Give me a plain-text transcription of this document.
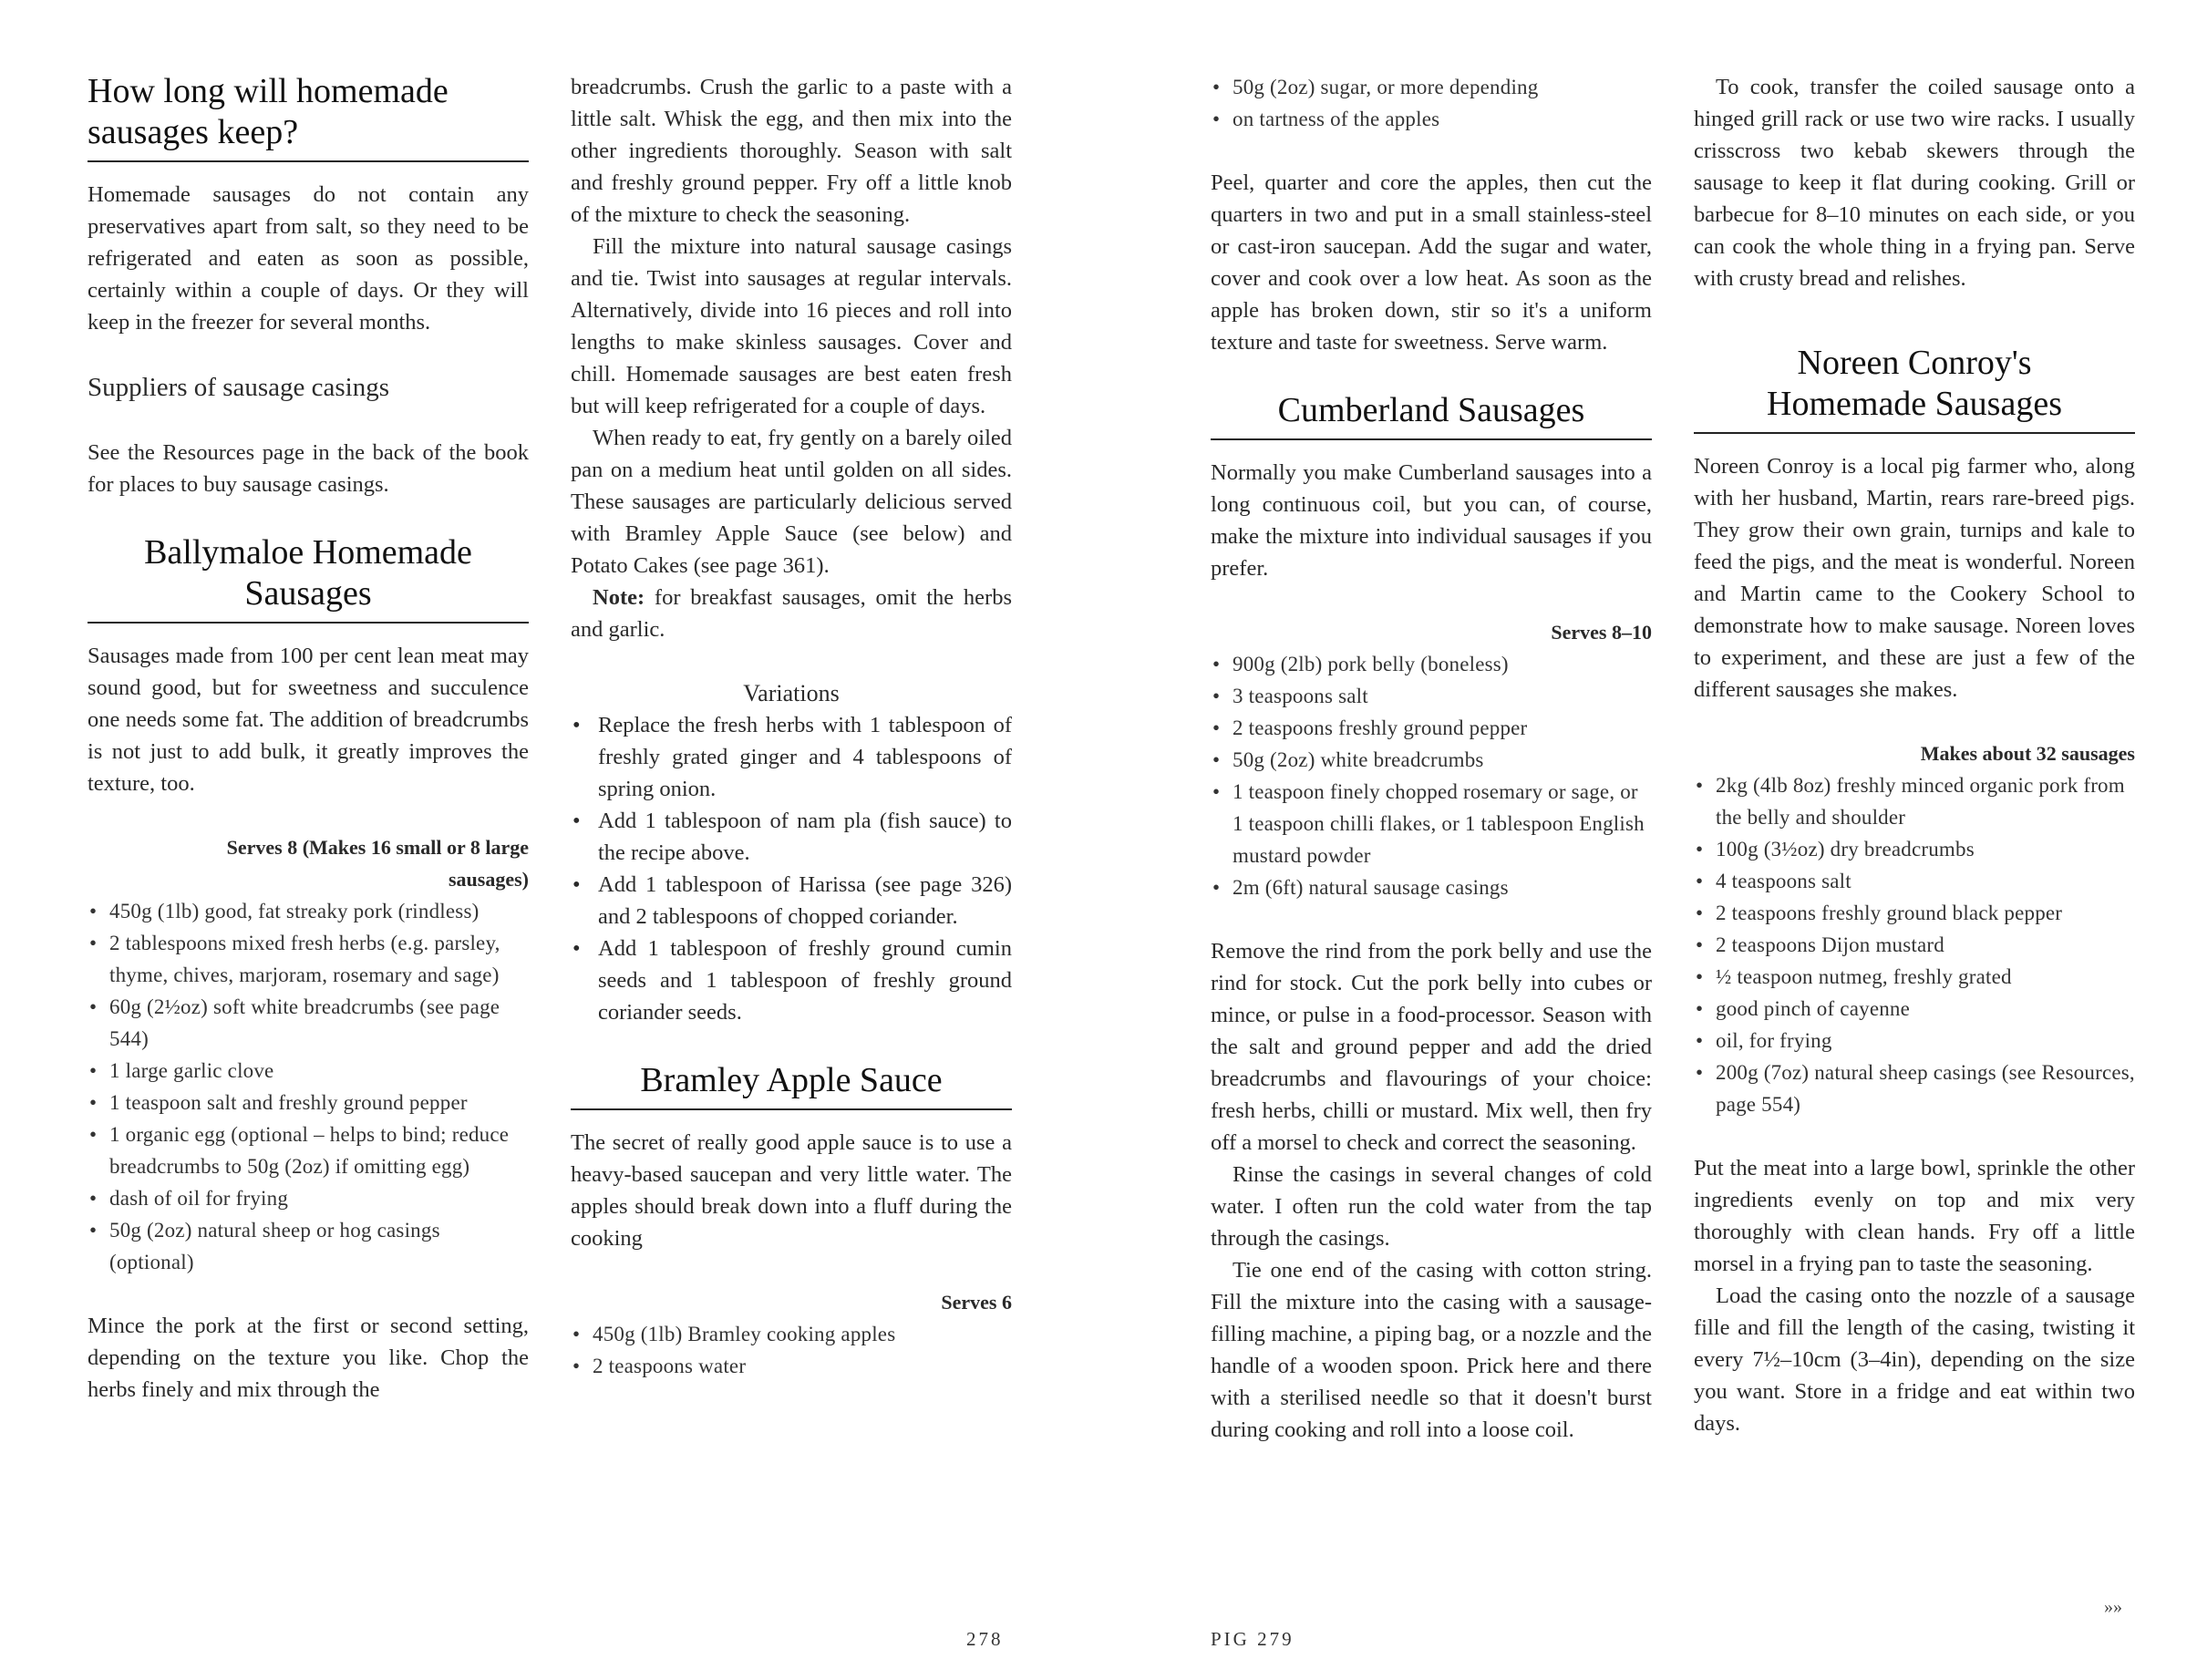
How long will homemade sausages keep?

Homemade sausages do not contain any preservatives apart from salt, so they need to be refrigerated and eaten as soon as possible, certainly within a couple of days. Or they will keep in the freezer for several months.

Suppliers of sausage casings

See the Resources page in the back of the book for places to buy sausage casings.

Ballymaloe Homemade Sausages

Sausages made from 100 per cent lean meat may sound good, but for sweetness and succulence one needs some fat. The addition of breadcrumbs is not just to add bulk, it greatly improves the texture, too.

Serves 8 (Makes 16 small or 8 large sausages)
• 450g (1lb) good, fat streaky pork (rindless)
• 2 tablespoons mixed fresh herbs (e.g. parsley, thyme, chives, marjoram, rosemary and sage)
• 60g (2½oz) soft white breadcrumbs (see page 544)
• 1 large garlic clove
• 1 teaspoon salt and freshly ground pepper
• 1 organic egg (optional – helps to bind; reduce breadcrumbs to 50g (2oz) if omitting egg)
• dash of oil for frying
• 50g (2oz) natural sheep or hog casings (optional)

Mince the pork at the first or second setting, depending on the texture you like. Chop the herbs finely and mix through the

breadcrumbs. Crush the garlic to a paste with a little salt. Whisk the egg, and then mix into the other ingredients thoroughly. Season with salt and freshly ground pepper. Fry off a little knob of the mixture to check the seasoning.

Fill the mixture into natural sausage casings and tie. Twist into sausages at regular intervals. Alternatively, divide into 16 pieces and roll into lengths to make skinless sausages. Cover and chill. Homemade sausages are best eaten fresh but will keep refrigerated for a couple of days.

When ready to eat, fry gently on a barely oiled pan on a medium heat until golden on all sides. These sausages are particularly delicious served with Bramley Apple Sauce (see below) and Potato Cakes (see page 361).

Note: for breakfast sausages, omit the herbs and garlic.

Variations
• Replace the fresh herbs with 1 tablespoon of freshly grated ginger and 4 tablespoons of spring onion.
• Add 1 tablespoon of nam pla (fish sauce) to the recipe above.
• Add 1 tablespoon of Harissa (see page 326) and 2 tablespoons of chopped coriander.
• Add 1 tablespoon of freshly ground cumin seeds and 1 tablespoon of freshly ground coriander seeds.
Bramley Apple Sauce

The secret of really good apple sauce is to use a heavy-based saucepan and very little water. The apples should break down into a fluff during the cooking

Serves 6
• 450g (1lb) Bramley cooking apples
• 2 teaspoons water
• 50g (2oz) sugar, or more depending
• on tartness of the apples

Peel, quarter and core the apples, then cut the quarters in two and put in a small stainless-steel or cast-iron saucepan. Add the sugar and water, cover and cook over a low heat. As soon as the apple has broken down, stir so it's a uniform texture and taste for sweetness. Serve warm.

Cumberland Sausages

Normally you make Cumberland sausages into a long continuous coil, but you can, of course, make the mixture into individual sausages if you prefer.

Serves 8–10
• 900g (2lb) pork belly (boneless)
• 3 teaspoons salt
• 2 teaspoons freshly ground pepper
• 50g (2oz) white breadcrumbs
• 1 teaspoon finely chopped rosemary or sage, or 1 teaspoon chilli flakes, or 1 tablespoon English mustard powder
• 2m (6ft) natural sausage casings

Remove the rind from the pork belly and use the rind for stock. Cut the pork belly into cubes or mince, or pulse in a food-processor. Season with the salt and ground pepper and add the dried breadcrumbs and flavourings of your choice: fresh herbs, chilli or mustard. Mix well, then fry off a morsel to check and correct the seasoning.

Rinse the casings in several changes of cold water. I often run the cold water from the tap through the casings.

Tie one end of the casing with cotton string. Fill the mixture into the casing with a sausage-filling machine, a piping bag, or a nozzle and the handle of a wooden spoon. Prick here and there with a sterilised needle so that it doesn't burst during cooking and roll into a loose coil.

To cook, transfer the coiled sausage onto a hinged grill rack or use two wire racks. I usually crisscross two kebab skewers through the sausage to keep it flat during cooking. Grill or barbecue for 8–10 minutes on each side, or you can cook the whole thing in a frying pan. Serve with crusty bread and relishes.

Noreen Conroy's Homemade Sausages

Noreen Conroy is a local pig farmer who, along with her husband, Martin, rears rare-breed pigs. They grow their own grain, turnips and kale to feed the pigs, and the meat is wonderful. Noreen and Martin came to the Cookery School to demonstrate how to make sausage. Noreen loves to experiment, and these are just a few of the different sausages she makes.

Makes about 32 sausages
• 2kg (4lb 8oz) freshly minced organic pork from the belly and shoulder
• 100g (3½oz) dry breadcrumbs
• 4 teaspoons salt
• 2 teaspoons freshly ground black pepper
• 2 teaspoons Dijon mustard
• ½ teaspoon nutmeg, freshly grated
• good pinch of cayenne
• oil, for frying
• 200g (7oz) natural sheep casings (see Resources, page 554)

Put the meat into a large bowl, sprinkle the other ingredients evenly on top and mix very thoroughly with clean hands. Fry off a little morsel in a frying pan to taste the seasoning.

Load the casing onto the nozzle of a sausage fille and fill the length of the casing, twisting it every 7½–10cm (3–4in), depending on the size you want. Store in a fridge and eat within two days.

»»
278	PIG 279
